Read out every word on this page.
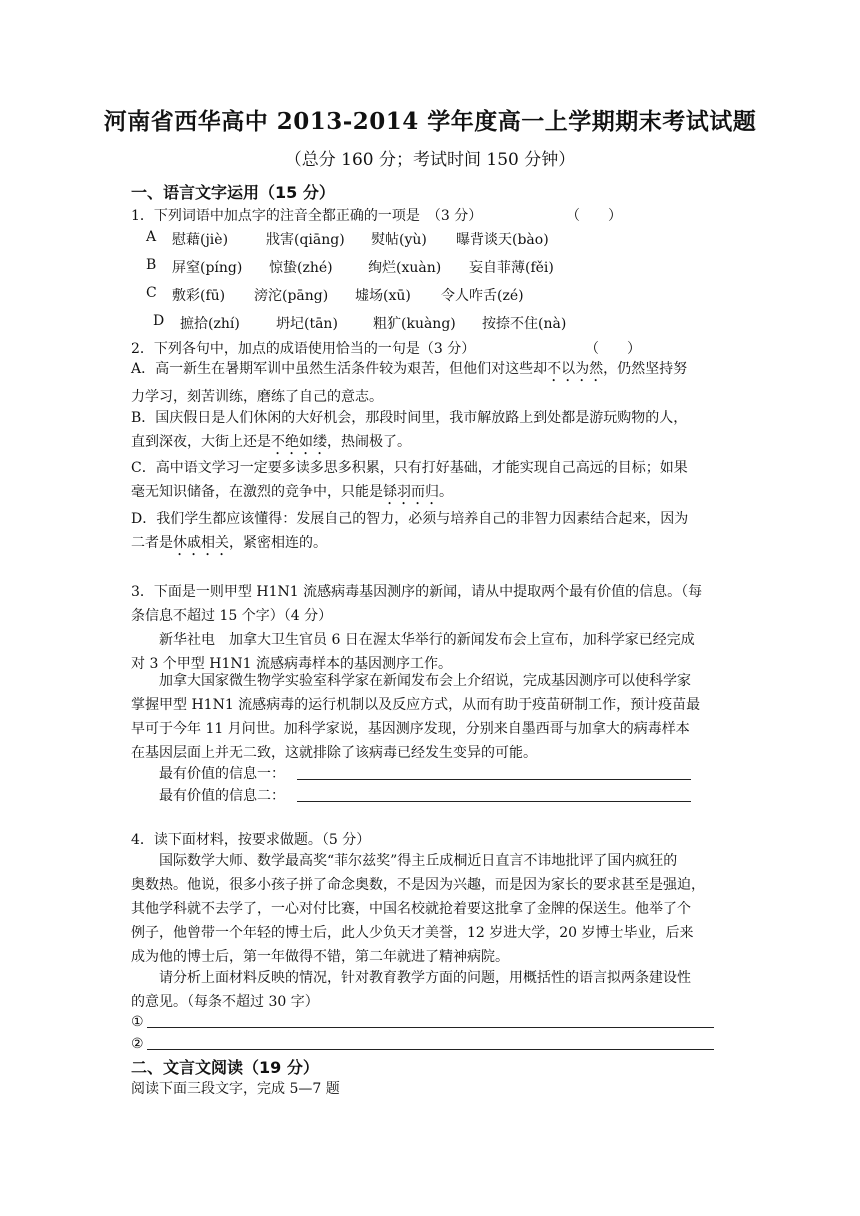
河南省西华高中 2013-2014 学年度高一上学期期末考试试题
（总分 160 分；考试时间 150 分钟）
一、语言文字运用（15 分）
1．下列词语中加点字的注音全都正确的一项是　（3 分）	（　　）
A 慰藉(jiè)	戕害(qiāng) 熨帖(yù) 曝背谈天(bào)
B 屏窒(píng) 惊蛰(zhé)	绚烂(xuàn) 妄自菲薄(fěi)
C 敷彩(fū) 滂沱(pāng) 墟场(xū) 令人咋舌(zé)
D 摭拾(zhí)	坍圮(tān)	粗犷(kuàng) 按捺不住(nà)
2．下列各句中，加点的成语使用恰当的一句是（3 分）	（　　）
A．高一新生在暑期军训中虽然生活条件较为艰苦，但他们对这些却不以为然，仍然坚持努
力学习，刻苦训练，磨练了自己的意志。
B．国庆假日是人们休闲的大好机会，那段时间里，我市解放路上到处都是游玩购物的人，
直到深夜，大街上还是不绝如缕，热闹极了。
C．高中语文学习一定要多读多思多积累，只有打好基础，才能实现自己高远的目标；如果
毫无知识储备，在激烈的竞争中，只能是铩羽而归。
D．我们学生都应该懂得：发展自己的智力，必须与培养自己的非智力因素结合起来，因为
二者是休戚相关，紧密相连的。
3．下面是一则甲型 H1N1 流感病毒基因测序的新闻，请从中提取两个最有价值的信息。（每
条信息不超过 15 个字）（4 分）
新华社电　加拿大卫生官员 6 日在渥太华举行的新闻发布会上宣布，加科学家已经完成
对 3 个甲型 H1N1 流感病毒样本的基因测序工作。
加拿大国家微生物学实验室科学家在新闻发布会上介绍说，完成基因测序可以使科学家
掌握甲型 H1N1 流感病毒的运行机制以及反应方式，从而有助于疫苗研制工作，预计疫苗最
早可于今年 11 月问世。加科学家说，基因测序发现，分别来自墨西哥与加拿大的病毒样本
在基因层面上并无二致，这就排除了该病毒已经发生变异的可能。
最有价值的信息一：
最有价值的信息二：
4．读下面材料，按要求做题。（5 分）
国际数学大师、数学最高奖“菲尔兹奖”得主丘成桐近日直言不讳地批评了国内疯狂的
奥数热。他说，很多小孩子拼了命念奥数，不是因为兴趣，而是因为家长的要求甚至是强迫，
其他学科就不去学了，一心对付比赛，中国名校就抢着要这批拿了金牌的保送生。他举了个
例子，他曾带一个年轻的博士后，此人少负天才美誉，12 岁进大学，20 岁博士毕业，后来
成为他的博士后，第一年做得不错，第二年就进了精神病院。
请分析上面材料反映的情况，针对教育教学方面的问题，用概括性的语言拟两条建设性
的意见。（每条不超过 30 字）
①
②
二、文言文阅读（19 分）
阅读下面三段文字，完成 5—7 题
